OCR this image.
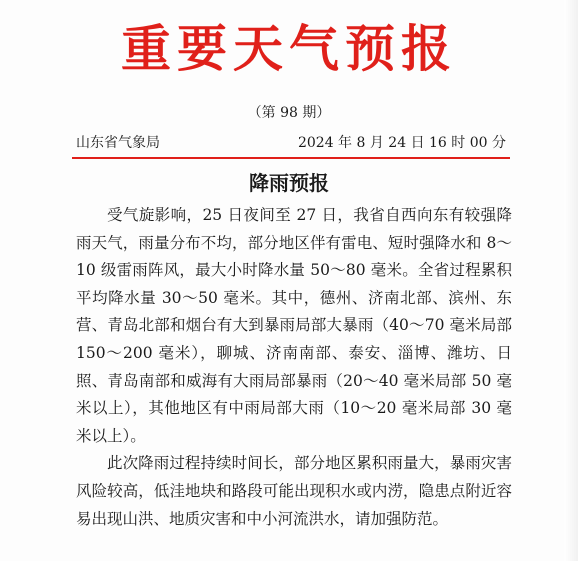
重要天气预报
（第 98 期）
山东省气象局	2024 年 8 月 24 日 16 时 00 分
降雨预报

受气旋影响，25 日夜间至 27 日，我省自西向东有较强降雨天气，雨量分布不均，部分地区伴有雷电、短时强降水和 8～10 级雷雨阵风，最大小时降水量 50～80 毫米。全省过程累积平均降水量 30～50 毫米。其中，德州、济南北部、滨州、东营、青岛北部和烟台有大到暴雨局部大暴雨（40～70 毫米局部 150～200 毫米），聊城、济南南部、泰安、淄博、潍坊、日照、青岛南部和威海有大雨局部暴雨（20～40 毫米局部 50 毫米以上），其他地区有中雨局部大雨（10～20 毫米局部 30 毫米以上）。

此次降雨过程持续时间长，部分地区累积雨量大，暴雨灾害风险较高，低洼地块和路段可能出现积水或内涝，隐患点附近容易出现山洪、地质灾害和中小河流洪水，请加强防范。
